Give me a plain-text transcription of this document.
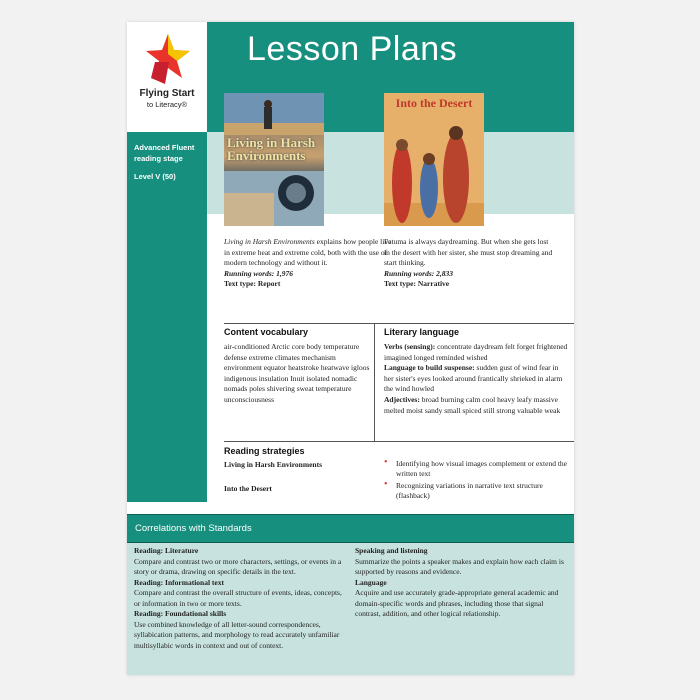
Lesson Plans
Flying Start
to Literacy®
Advanced Fluent reading stage
Level V (50)
Living in Harsh Environments
Into the Desert
Living in Harsh Environments explains how people live in extreme heat and extreme cold, both with the use of modern technology and without it.
Running words: 1,976
Text type: Report
Fatuma is always daydreaming. But when she gets lost in the desert with her sister, she must stop dreaming and start thinking.
Running words: 2,833
Text type: Narrative
Content vocabulary
air-conditioned Arctic core body temperature defense extreme climates mechanism environment equator heatstroke heatwave igloos indigenous insulation Inuit isolated nomadic nomads poles shivering sweat temperature unconsciousness
Literary language
Verbs (sensing): concentrate daydream felt forget frightened imagined longed reminded wished
Language to build suspense: sudden gust of wind fear in her sister's eyes looked around frantically shrieked in alarm the wind howled
Adjectives: broad burning calm cool heavy leafy massive melted moist sandy small spiced still strong valuable weak
Reading strategies
Living in Harsh Environments
Into the Desert
• Identifying how visual images complement or extend the written text
• Recognizing variations in narrative text structure (flashback)
Correlations with Standards
Reading: Literature
Compare and contrast two or more characters, settings, or events in a story or drama, drawing on specific details in the text.
Reading: Informational text
Compare and contrast the overall structure of events, ideas, concepts, or information in two or more texts.
Reading: Foundational skills
Use combined knowledge of all letter-sound correspondences, syllabication patterns, and morphology to read accurately unfamiliar multisyllabic words in context and out of context.
Speaking and listening
Summarize the points a speaker makes and explain how each claim is supported by reasons and evidence.
Language
Acquire and use accurately grade-appropriate general academic and domain-specific words and phrases, including those that signal contrast, addition, and other logical relationship.
